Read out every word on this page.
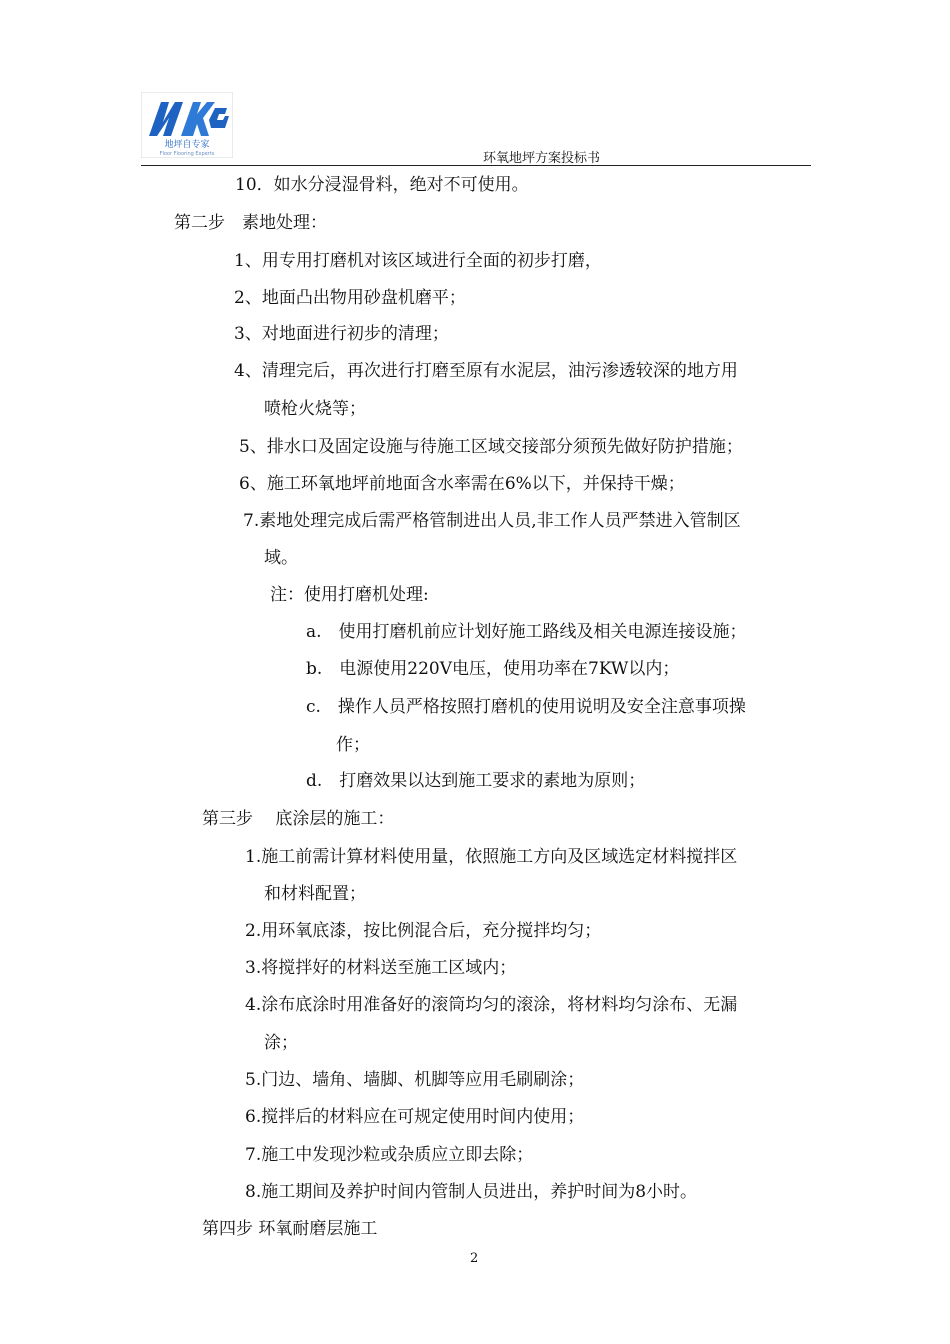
地坪自专家
Floor Flooring Experts	环氧地坪方案投标书
10．如水分浸湿骨料，绝对不可使用。
第二步　素地处理：
1、用专用打磨机对该区域进行全面的初步打磨，
2、地面凸出物用砂盘机磨平；
3、对地面进行初步的清理；
4、清理完后，再次进行打磨至原有水泥层，油污渗透较深的地方用
喷枪火烧等；
5、排水口及固定设施与待施工区域交接部分须预先做好防护措施；
6、施工环氧地坪前地面含水率需在6%以下，并保持干燥；
7.素地处理完成后需严格管制进出人员,非工作人员严禁进入管制区
域。
注：使用打磨机处理:
a.　使用打磨机前应计划好施工路线及相关电源连接设施；
b.　电源使用220V电压，使用功率在7KW以内；
c.　操作人员严格按照打磨机的使用说明及安全注意事项操
作；
d.　打磨效果以达到施工要求的素地为原则；
第三步　 底涂层的施工：
1.施工前需计算材料使用量，依照施工方向及区域选定材料搅拌区
和材料配置；
2.用环氧底漆，按比例混合后，充分搅拌均匀；
3.将搅拌好的材料送至施工区域内；
4.涂布底涂时用准备好的滚筒均匀的滚涂，将材料均匀涂布、无漏
涂；
5.门边、墙角、墙脚、机脚等应用毛刷刷涂；
6.搅拌后的材料应在可规定使用时间内使用；
7.施工中发现沙粒或杂质应立即去除；
8.施工期间及养护时间内管制人员进出，养护时间为8小时。
第四步 环氧耐磨层施工
2
